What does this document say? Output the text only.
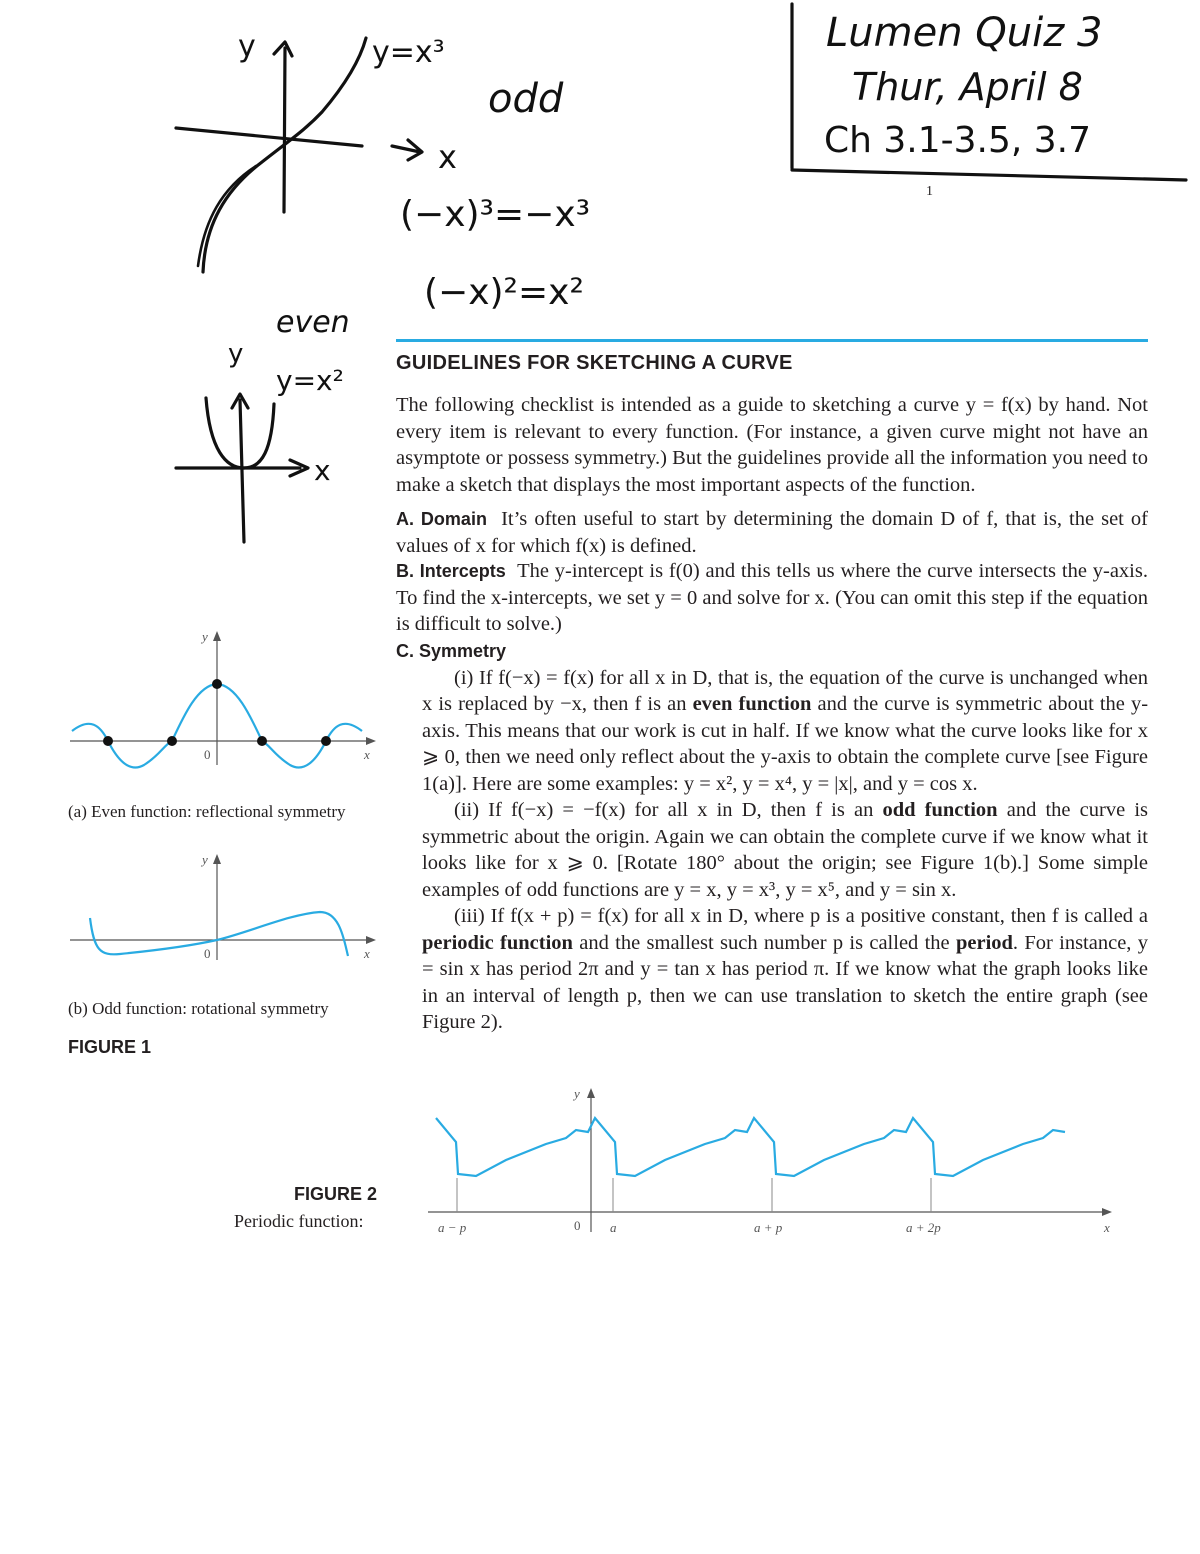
y
x
y=x³
odd
(−x)³=−x³
(−x)²=x²
even
y
y=x²
x
Lumen Quiz 3
Thur, April 8
Ch 3.1-3.5, 3.7
1
GUIDELINES FOR SKETCHING A CURVE

The following checklist is intended as a guide to sketching a curve y = f(x) by hand. Not every item is relevant to every function. (For instance, a given curve might not have an asymptote or possess symmetry.) But the guidelines provide all the information you need to make a sketch that displays the most important aspects of the function.

A. Domain It’s often useful to start by determining the domain D of f, that is, the set of values of x for which f(x) is defined.
B. Intercepts The y-intercept is f(0) and this tells us where the curve intersects the y-axis. To find the x-intercepts, we set y = 0 and solve for x. (You can omit this step if the equation is difficult to solve.)
C. Symmetry
(i) If f(−x) = f(x) for all x in D, that is, the equation of the curve is unchanged when x is replaced by −x, then f is an even function and the curve is symmetric about the y-axis. This means that our work is cut in half. If we know what the curve looks like for x ⩾ 0, then we need only reflect about the y-axis to obtain the complete curve [see Figure 1(a)]. Here are some examples: y = x², y = x⁴, y = |x|, and y = cos x.
(ii) If f(−x) = −f(x) for all x in D, then f is an odd function and the curve is symmetric about the origin. Again we can obtain the complete curve if we know what it looks like for x ⩾ 0. [Rotate 180° about the origin; see Figure 1(b).] Some simple examples of odd functions are y = x, y = x³, y = x⁵, and y = sin x.
(iii) If f(x + p) = f(x) for all x in D, where p is a positive constant, then f is called a periodic function and the smallest such number p is called the period. For instance, y = sin x has period 2π and y = tan x has period π. If we know what the graph looks like in an interval of length p, then we can use translation to sketch the entire graph (see Figure 2).
y
x
0
(a) Even function: reflectional symmetry
y
x
0
(b) Odd function: rotational symmetry
FIGURE 1
FIGURE 2
Periodic function:
y
x
0
a − p	a	a + p	a + 2p
